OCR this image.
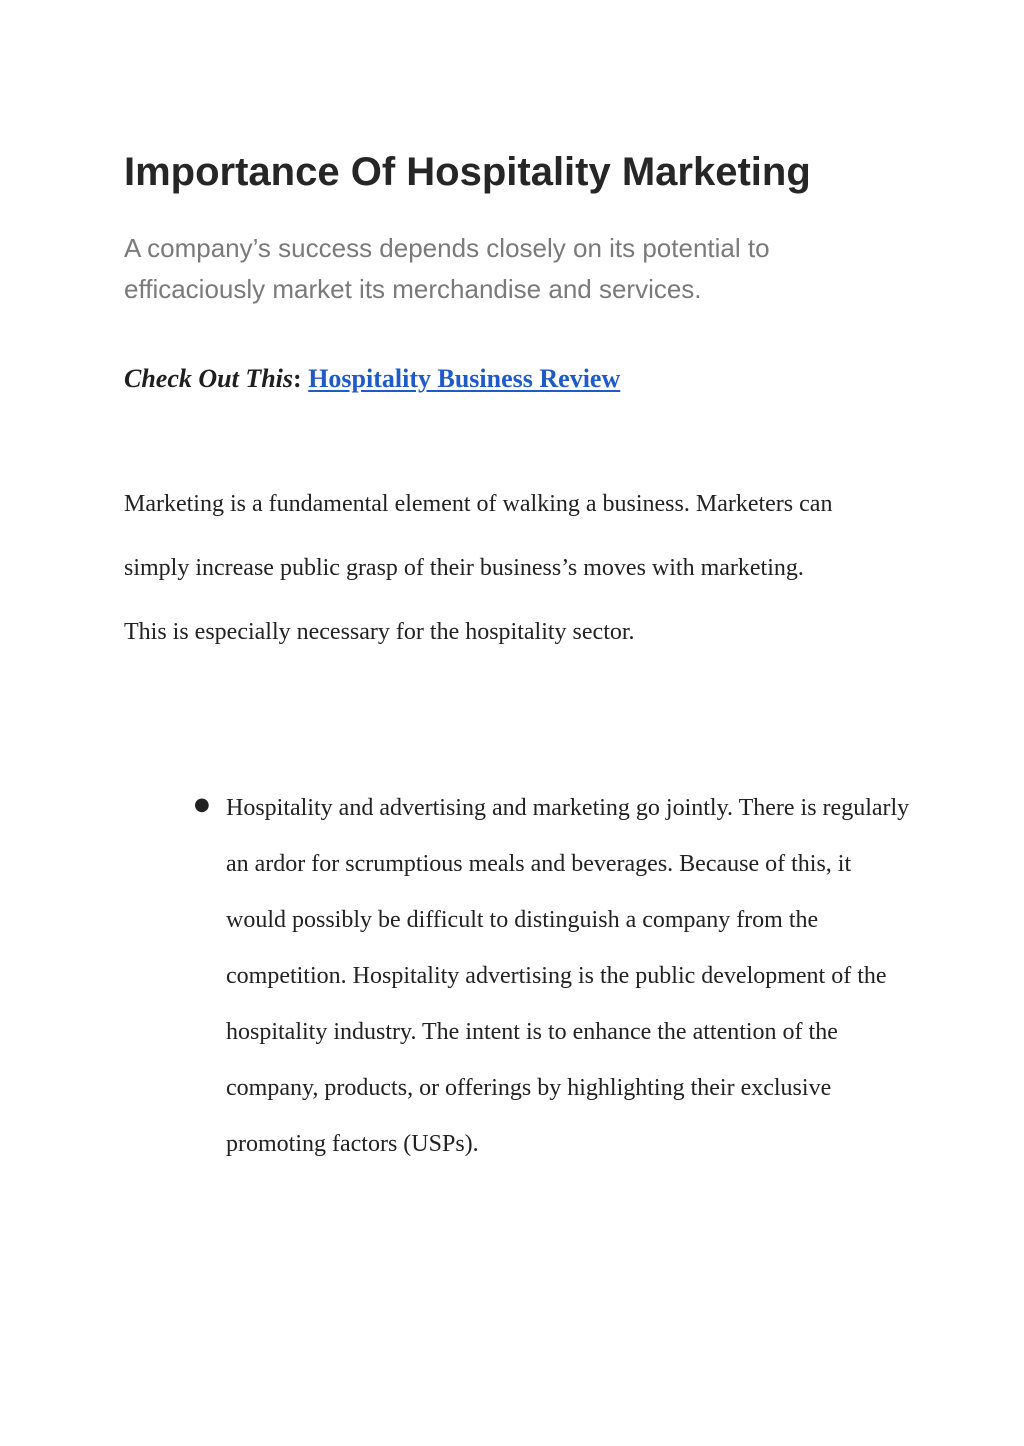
Importance Of Hospitality Marketing

A company’s success depends closely on its potential to efficaciously market its merchandise and services.

Check Out This: Hospitality Business Review

Marketing is a fundamental element of walking a business. Marketers can simply increase public grasp of their business’s moves with marketing. This is especially necessary for the hospitality sector.

● Hospitality and advertising and marketing go jointly. There is regularly an ardor for scrumptious meals and beverages. Because of this, it would possibly be difficult to distinguish a company from the competition. Hospitality advertising is the public development of the hospitality industry. The intent is to enhance the attention of the company, products, or offerings by highlighting their exclusive promoting factors (USPs).
